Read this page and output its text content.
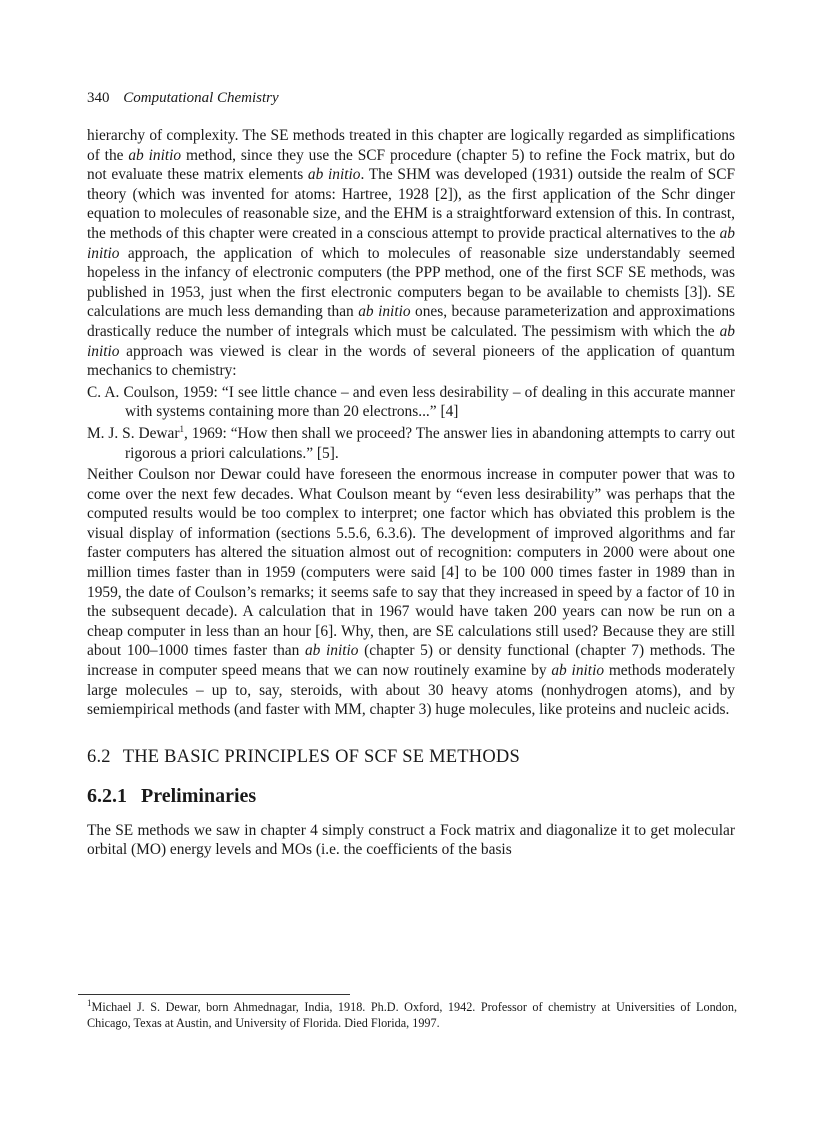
340 Computational Chemistry

hierarchy of complexity. The SE methods treated in this chapter are logically regarded as simplifications of the ab initio method, since they use the SCF procedure (chapter 5) to refine the Fock matrix, but do not evaluate these matrix elements ab initio. The SHM was developed (1931) outside the realm of SCF theory (which was invented for atoms: Hartree, 1928 [2]), as the first application of the Schr dinger equation to molecules of reasonable size, and the EHM is a straightforward extension of this. In contrast, the methods of this chapter were created in a conscious attempt to provide practical alternatives to the ab initio approach, the application of which to molecules of reasonable size understandably seemed hopeless in the infancy of electronic computers (the PPP method, one of the first SCF SE methods, was published in 1953, just when the first electronic computers began to be available to chemists [3]). SE calculations are much less demanding than ab initio ones, because parameterization and approximations drastically reduce the number of integrals which must be calculated. The pessimism with which the ab initio approach was viewed is clear in the words of several pioneers of the application of quantum mechanics to chemistry:

C. A. Coulson, 1959: “I see little chance – and even less desirability – of dealing in this accurate manner with systems containing more than 20 electrons...” [4]

M. J. S. Dewar$^1$, 1969: “How then shall we proceed? The answer lies in abandoning attempts to carry out rigorous a priori calculations.” [5].

Neither Coulson nor Dewar could have foreseen the enormous increase in computer power that was to come over the next few decades. What Coulson meant by “even less desirability” was perhaps that the computed results would be too complex to interpret; one factor which has obviated this problem is the visual display of information (sections 5.5.6, 6.3.6). The development of improved algorithms and far faster computers has altered the situation almost out of recognition: computers in 2000 were about one million times faster than in 1959 (computers were said [4] to be 100 000 times faster in 1989 than in 1959, the date of Coulson’s remarks; it seems safe to say that they increased in speed by a factor of 10 in the subsequent decade). A calculation that in 1967 would have taken 200 years can now be run on a cheap computer in less than an hour [6]. Why, then, are SE calculations still used? Because they are still about 100–1000 times faster than ab initio (chapter 5) or density functional (chapter 7) methods. The increase in computer speed means that we can now routinely examine by ab initio methods moderately large molecules – up to, say, steroids, with about 30 heavy atoms (nonhydrogen atoms), and by semiempirical methods (and faster with MM, chapter 3) huge molecules, like proteins and nucleic acids.

6.2 THE BASIC PRINCIPLES OF SCF SE METHODS
6.2.1 Preliminaries

The SE methods we saw in chapter 4 simply construct a Fock matrix and diagonalize it to get molecular orbital (MO) energy levels and MOs (i.e. the coefficients of the basis

$^1$Michael J. S. Dewar, born Ahmednagar, India, 1918. Ph.D. Oxford, 1942. Professor of chemistry at Universities of London, Chicago, Texas at Austin, and University of Florida. Died Florida, 1997.
